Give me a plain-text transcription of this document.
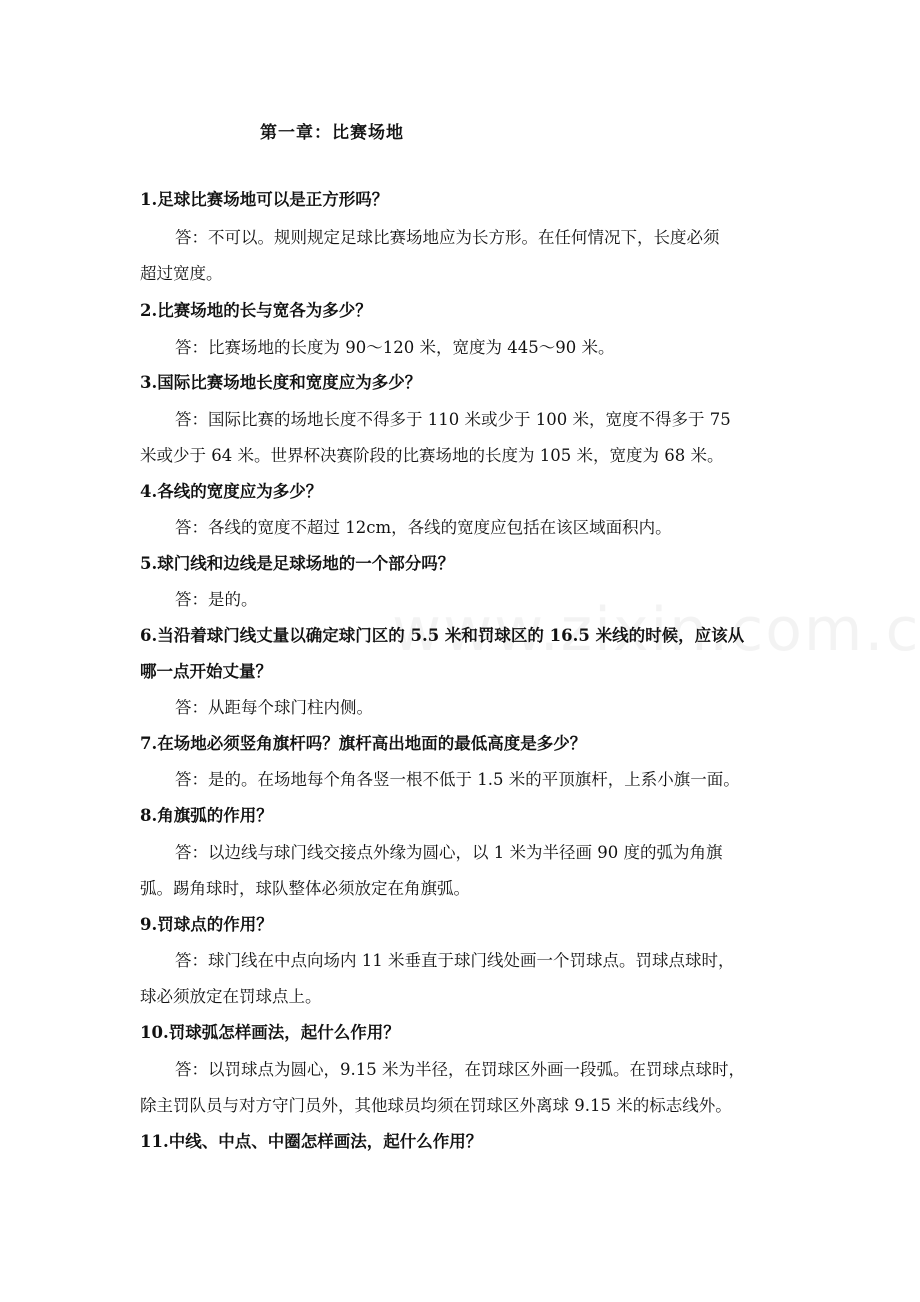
第一章：比赛场地
1.足球比赛场地可以是正方形吗？
答：不可以。规则规定足球比赛场地应为长方形。在任何情况下，长度必须
超过宽度。
2.比赛场地的长与宽各为多少？
答：比赛场地的长度为 90～120 米，宽度为 445～90 米。
3.国际比赛场地长度和宽度应为多少？
答：国际比赛的场地长度不得多于 110 米或少于 100 米，宽度不得多于 75
米或少于 64 米。世界杯决赛阶段的比赛场地的长度为 105 米，宽度为 68 米。
4.各线的宽度应为多少？
答：各线的宽度不超过 12cm，各线的宽度应包括在该区域面积内。
5.球门线和边线是足球场地的一个部分吗？
答：是的。
6.当沿着球门线丈量以确定球门区的 5.5 米和罚球区的 16.5 米线的时候，应该从
哪一点开始丈量？
答：从距每个球门柱内侧。
7.在场地必须竖角旗杆吗？旗杆高出地面的最低高度是多少？
答：是的。在场地每个角各竖一根不低于 1.5 米的平顶旗杆，上系小旗一面。
8.角旗弧的作用？
答：以边线与球门线交接点外缘为圆心，以 1 米为半径画 90 度的弧为角旗
弧。踢角球时，球队整体必须放定在角旗弧。
9.罚球点的作用？
答：球门线在中点向场内 11 米垂直于球门线处画一个罚球点。罚球点球时，
球必须放定在罚球点上。
10.罚球弧怎样画法，起什么作用？
答：以罚球点为圆心，9.15 米为半径，在罚球区外画一段弧。在罚球点球时，
除主罚队员与对方守门员外，其他球员均须在罚球区外离球 9.15 米的标志线外。
11.中线、中点、中圈怎样画法，起什么作用？
